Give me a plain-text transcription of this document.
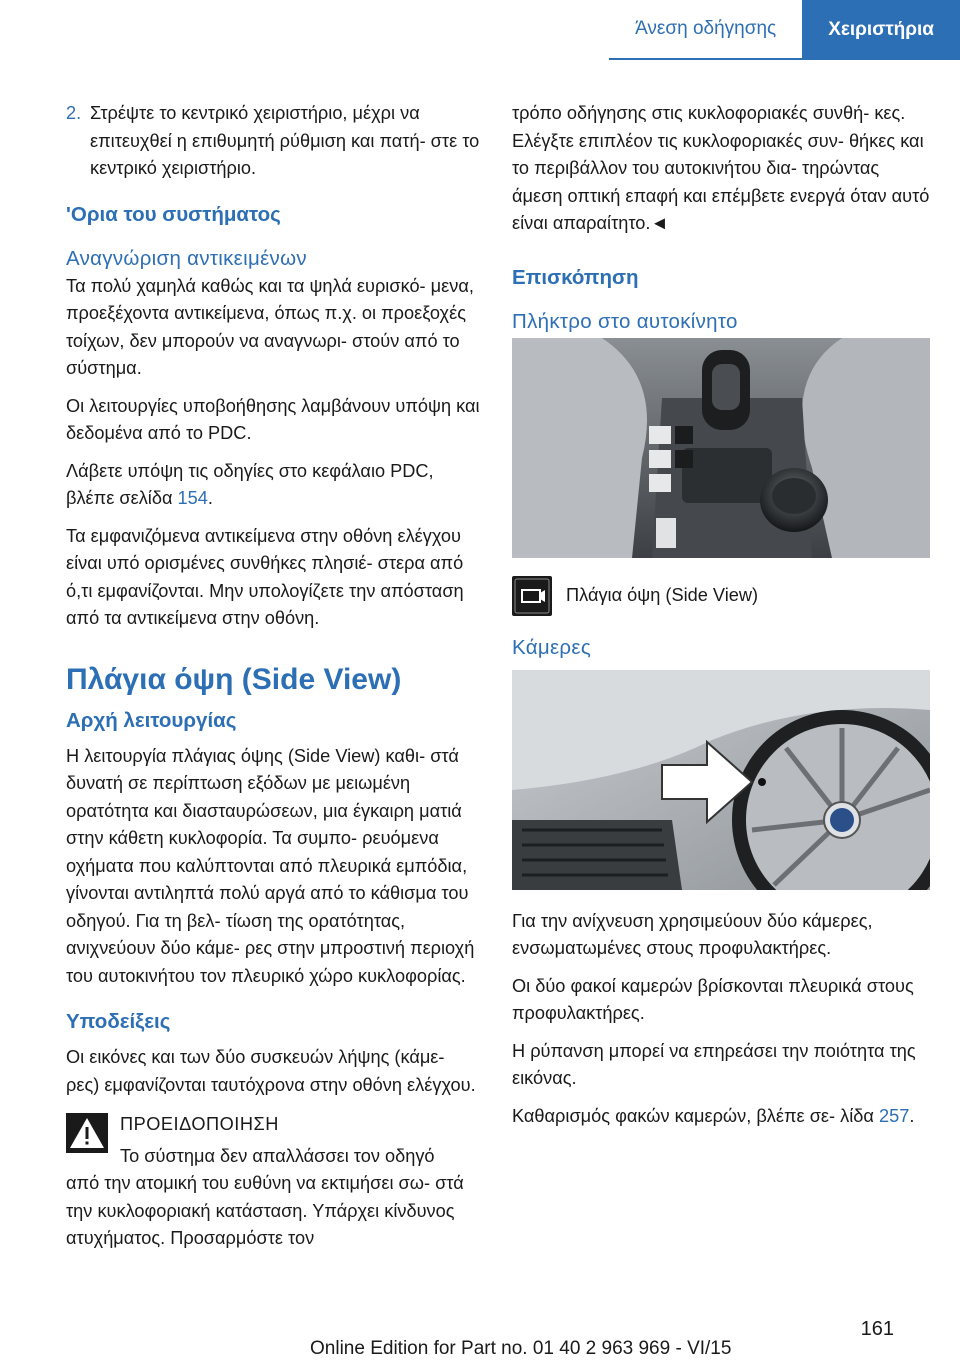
Άνεση οδήγησης	Χειριστήρια
2. Στρέψτε το κεντρικό χειριστήριο, μέχρι να επιτευχθεί η επιθυμητή ρύθμιση και πατή- στε το κεντρικό χειριστήριο.

'Ορια του συστήματος
Αναγνώριση αντικειμένων

Τα πολύ χαμηλά καθώς και τα ψηλά ευρισκό- μενα, προεξέχοντα αντικείμενα, όπως π.χ. οι προεξοχές τοίχων, δεν μπορούν να αναγνωρι- στούν από το σύστημα.

Οι λειτουργίες υποβοήθησης λαμβάνουν υπόψη και δεδομένα από το PDC.

Λάβετε υπόψη τις οδηγίες στο κεφάλαιο PDC, βλέπε σελίδα 154.

Τα εμφανιζόμενα αντικείμενα στην οθόνη ελέγχου είναι υπό ορισμένες συνθήκες πλησιέ- στερα από ό,τι εμφανίζονται. Μην υπολογίζετε την απόσταση από τα αντικείμενα στην οθόνη.

Πλάγια όψη (Side View)
Αρχή λειτουργίας

Η λειτουργία πλάγιας όψης (Side View) καθι- στά δυνατή σε περίπτωση εξόδων με μειωμένη ορατότητα και διασταυρώσεων, μια έγκαιρη ματιά στην κάθετη κυκλοφορία. Τα συμπο- ρευόμενα οχήματα που καλύπτονται από πλευρικά εμπόδια, γίνονται αντιληπτά πολύ αργά από το κάθισμα του οδηγού. Για τη βελ- τίωση της ορατότητας, ανιχνεύουν δύο κάμε- ρες στην μπροστινή περιοχή του αυτοκινήτου τον πλευρικό χώρο κυκλοφορίας.

Υποδείξεις

Οι εικόνες και των δύο συσκευών λήψης (κάμε- ρες) εμφανίζονται ταυτόχρονα στην οθόνη ελέγχου.

ΠΡΟΕΙΔΟΠΟΙΗΣΗ

Το σύστημα δεν απαλλάσσει τον οδηγό

από την ατομική του ευθύνη να εκτιμήσει σω- στά την κυκλοφοριακή κατάσταση. Υπάρχει κίνδυνος ατυχήματος. Προσαρμόστε τον

τρόπο οδήγησης στις κυκλοφοριακές συνθή- κες. Ελέγξτε επιπλέον τις κυκλοφοριακές συν- θήκες και το περιβάλλον του αυτοκινήτου δια- τηρώντας άμεση οπτική επαφή και επέμβετε ενεργά όταν αυτό είναι απαραίτητο.◄

Επισκόπηση
Πλήκτρο στο αυτοκίνητο

Πλάγια όψη (Side View)

Κάμερες

Για την ανίχνευση χρησιμεύουν δύο κάμερες, ενσωματωμένες στους προφυλακτήρες.

Οι δύο φακοί καμερών βρίσκονται πλευρικά στους προφυλακτήρες.

Η ρύπανση μπορεί να επηρεάσει την ποιότητα της εικόνας.

Καθαρισμός φακών καμερών, βλέπε σε- λίδα 257.

161
Online Edition for Part no. 01 40 2 963 969 - VI/15
